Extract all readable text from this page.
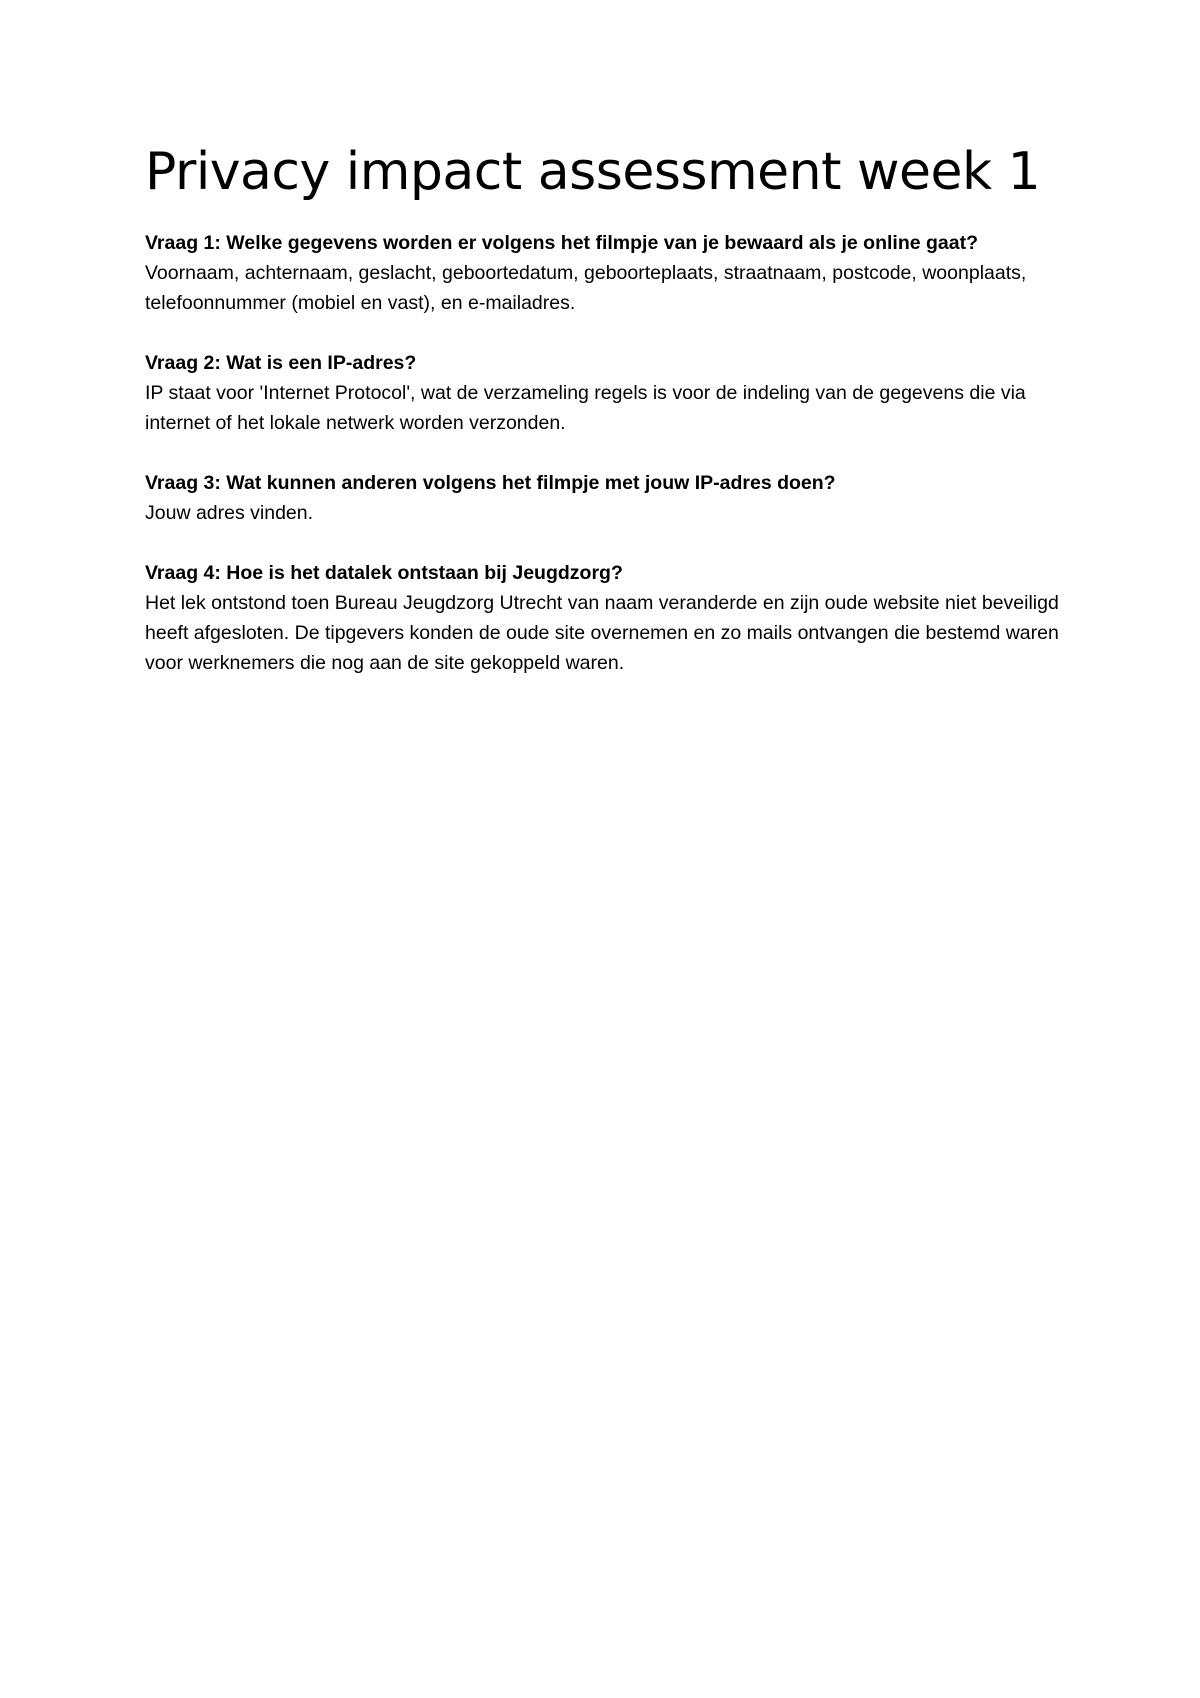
Privacy impact assessment week 1

Vraag 1: Welke gegevens worden er volgens het filmpje van je bewaard als je online gaat?

Voornaam, achternaam, geslacht, geboortedatum, geboorteplaats, straatnaam, postcode, woonplaats, telefoonnummer (mobiel en vast), en e-mailadres.

Vraag 2: Wat is een IP-adres?

IP staat voor 'Internet Protocol', wat de verzameling regels is voor de indeling van de gegevens die via internet of het lokale netwerk worden verzonden.

Vraag 3: Wat kunnen anderen volgens het filmpje met jouw IP-adres doen?

Jouw adres vinden.

Vraag 4: Hoe is het datalek ontstaan bij Jeugdzorg?

Het lek ontstond toen Bureau Jeugdzorg Utrecht van naam veranderde en zijn oude website niet beveiligd heeft afgesloten. De tipgevers konden de oude site overnemen en zo mails ontvangen die bestemd waren voor werknemers die nog aan de site gekoppeld waren.
